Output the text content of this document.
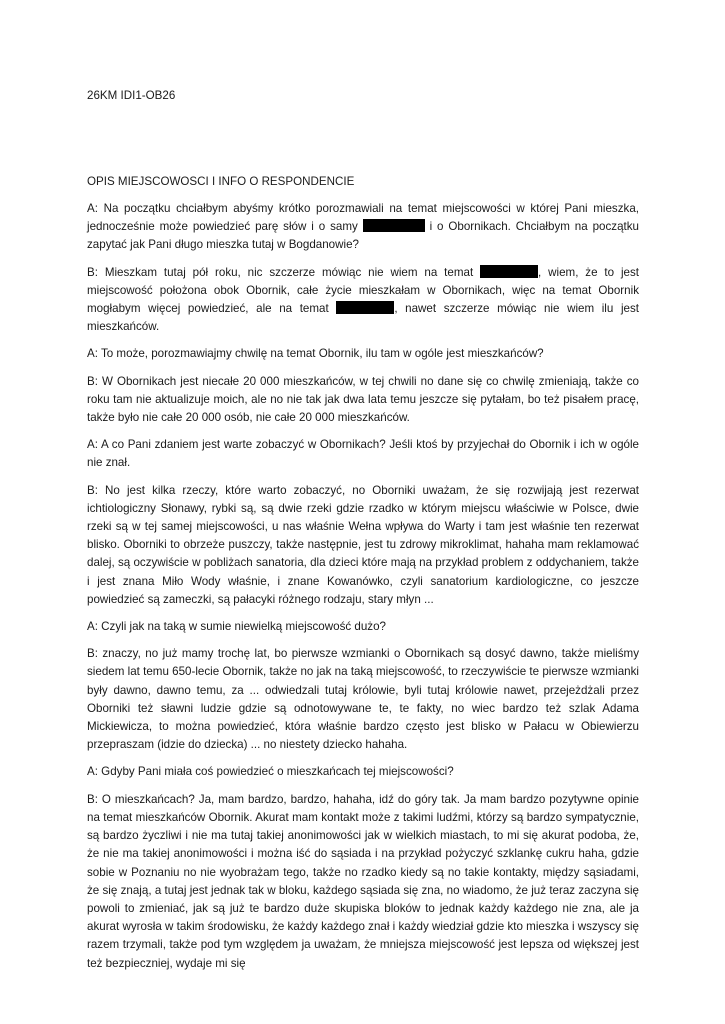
26KM IDI1-OB26

OPIS MIEJSCOWOSCI I INFO O RESPONDENCIE

A: Na początku chciałbym abyśmy krótko porozmawiali na temat miejscowości w której Pani mieszka, jednocześnie może powiedzieć parę słów i o samy	i o Obornikach. Chciałbym na początku zapytać jak Pani długo mieszka tutaj w Bogdanowie?

B: Mieszkam tutaj pół roku, nic szczerze mówiąc nie wiem na temat	, wiem, że to jest miejscowość położona obok Obornik, całe życie mieszkałam w Obornikach, więc na temat Obornik mogłabym więcej powiedzieć, ale na temat	, nawet szczerze mówiąc nie wiem ilu jest mieszkańców.

A: To może, porozmawiajmy chwilę na temat Obornik, ilu tam w ogóle jest mieszkańców?

B: W Obornikach jest niecałe 20 000 mieszkańców, w tej chwili no dane się co chwilę zmieniają, także co roku tam nie aktualizuje moich, ale no nie tak jak dwa lata temu jeszcze się pytałam, bo też pisałem pracę, także było nie całe 20 000 osób, nie całe 20 000 mieszkańców.

A: A co Pani zdaniem jest warte zobaczyć w Obornikach? Jeśli ktoś by przyjechał do Obornik i ich w ogóle nie znał.

B: No jest kilka rzeczy, które warto zobaczyć, no Oborniki uważam, że się rozwijają jest rezerwat ichtiologiczny Słonawy, rybki są, są dwie rzeki gdzie rzadko w którym miejscu właściwie w Polsce, dwie rzeki są w tej samej miejscowości, u nas właśnie Wełna wpływa do Warty i tam jest właśnie ten rezerwat blisko. Oborniki to obrzeże puszczy, także następnie, jest tu zdrowy mikroklimat, hahaha mam reklamować dalej, są oczywiście w pobliżach sanatoria, dla dzieci które mają na przykład problem z oddychaniem, także i jest znana Miło Wody właśnie, i znane Kowanówko, czyli sanatorium kardiologiczne, co jeszcze powiedzieć są zameczki, są pałacyki różnego rodzaju, stary młyn ...

A: Czyli jak na taką w sumie niewielką miejscowość dużo?

B: znaczy, no już mamy trochę lat, bo pierwsze wzmianki o Obornikach są dosyć dawno, także mieliśmy siedem lat temu 650-lecie Obornik, także no jak na taką miejscowość, to rzeczywiście te pierwsze wzmianki były dawno, dawno temu, za ... odwiedzali tutaj królowie, byli tutaj królowie nawet, przejeżdżali przez Oborniki też sławni ludzie gdzie są odnotowywane te, te fakty, no wiec bardzo też szlak Adama Mickiewicza, to można powiedzieć, która właśnie bardzo często jest blisko w Pałacu w Obiewierzu przepraszam (idzie do dziecka) ... no niestety dziecko hahaha.

A: Gdyby Pani miała coś powiedzieć o mieszkańcach tej miejscowości?

B: O mieszkańcach? Ja, mam bardzo, bardzo, hahaha, idź do góry tak. Ja mam bardzo pozytywne opinie na temat mieszkańców Obornik. Akurat mam kontakt może z takimi ludźmi, którzy są bardzo sympatycznie, są bardzo życzliwi i nie ma tutaj takiej anonimowości jak w wielkich miastach, to mi się akurat podoba, że, że nie ma takiej anonimowości i można iść do sąsiada i na przykład pożyczyć szklankę cukru haha, gdzie sobie w Poznaniu no nie wyobrażam tego, także no rzadko kiedy są no takie kontakty, między sąsiadami, że się znają, a tutaj jest jednak tak w bloku, każdego sąsiada się zna, no wiadomo, że już teraz zaczyna się powoli to zmieniać, jak są już te bardzo duże skupiska bloków to jednak każdy każdego nie zna, ale ja akurat wyrosła w takim środowisku, że każdy każdego znał i każdy wiedział gdzie kto mieszka i wszyscy się razem trzymali, także pod tym względem ja uważam, że mniejsza miejscowość jest lepsza od większej jest też bezpieczniej, wydaje mi się
